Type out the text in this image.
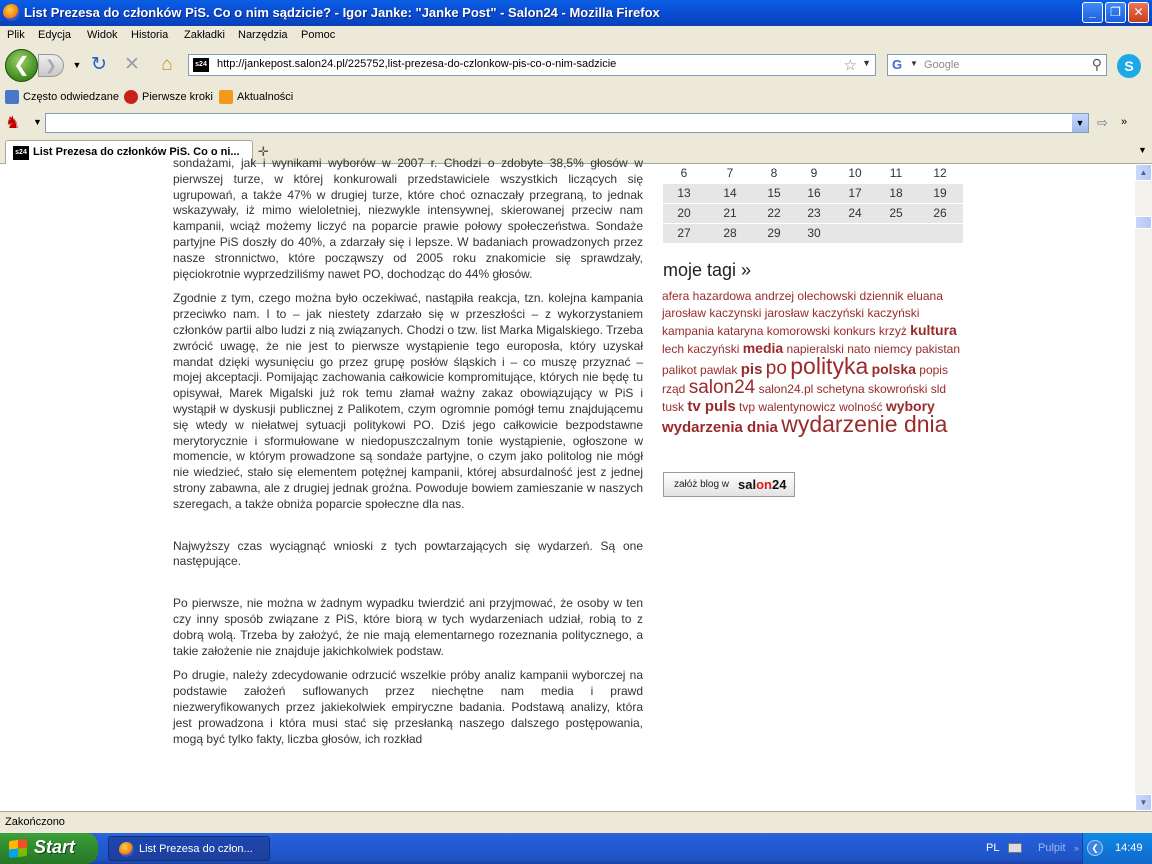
List Prezesa do członków PiS. Co o nim sądzicie? - Igor Janke: "Janke Post" - Salon24 - Mozilla Firefox	_	❐	✕
Plik Edycja Widok Historia Zakładki Narzędzia Pomoc
❮	❯	▼ ↻ ✕ ⌂	s24 http://jankepost.salon24.pl/225752,list-prezesa-do-czlonkow-pis-co-o-nim-sadzicie	☆ ▼ G ▼ Google	⚲	S
Często odwiedzane Pierwsze kroki Aktualności
♞ ▼	▼ ⇨ »
s24 List Prezesa do członków PiS. Co o ni...	✛	▼

sondażami, jak i wynikami wyborów w 2007 r. Chodzi o zdobyte 38,5% głosów w pierwszej turze, w której konkurowali przedstawiciele wszystkich liczących się ugrupowań, a także 47% w drugiej turze, które choć oznaczały przegraną, to jednak wskazywały, iż mimo wieloletniej, niezwykle intensywnej, skierowanej przeciw nam kampanii, wciąż możemy liczyć na poparcie prawie połowy społeczeństwa. Sondaże partyjne PiS doszły do 40%, a zdarzały się i lepsze. W badaniach prowadzonych przez nasze stronnictwo, które począwszy od 2005 roku znakomicie się sprawdzały, pięciokrotnie wyprzedziliśmy nawet PO, dochodząc do 44% głosów.

Zgodnie z tym, czego można było oczekiwać, nastąpiła reakcja, tzn. kolejna kampania przeciwko nam. I to – jak niestety zdarzało się w przeszłości – z wykorzystaniem członków partii albo ludzi z nią związanych. Chodzi o tzw. list Marka Migalskiego. Trzeba zwrócić uwagę, że nie jest to pierwsze wystąpienie tego europosła, który uzyskał mandat dzięki wysunięciu go przez grupę posłów śląskich i – co muszę przyznać – mojej akceptacji. Pomijając zachowania całkowicie kompromitujące, których nie będę tu opisywał, Marek Migalski już rok temu złamał ważny zakaz obowiązujący w PiS i wystąpił w dyskusji publicznej z Palikotem, czym ogromnie pomógł temu znajdującemu się wtedy w niełatwej sytuacji politykowi PO. Dziś jego całkowicie bezpodstawne merytorycznie i sformułowane w niedopuszczalnym tonie wystąpienie, ogłoszone w momencie, w którym prowadzone są sondaże partyjne, o czym jako politolog nie mógł nie wiedzieć, stało się elementem potężnej kampanii, której absurdalność jest z jednej strony zabawna, ale z drugiej jednak groźna. Powoduje bowiem zamieszanie w naszych szeregach, a także obniża poparcie społeczne dla nas.

Najwyższy czas wyciągnąć wnioski z tych powtarzających się wydarzeń. Są one następujące.

Po pierwsze, nie można w żadnym wypadku twierdzić ani przyjmować, że osoby w ten czy inny sposób związane z PiS, które biorą w tych wydarzeniach udział, robią to z dobrą wolą. Trzeba by założyć, że nie mają elementarnego rozeznania politycznego, a takie założenie nie znajduje jakichkolwiek podstaw.

Po drugie, należy zdecydowanie odrzucić wszelkie próby analiz kampanii wyborczej na podstawie założeń suflowanych przez niechętne nam media i prawd niezweryfikowanych przez jakiekolwiek empiryczne badania. Podstawą analizy, która jest prowadzona i która musi stać się przesłanką naszego dalszego postępowania, mogą być tylko fakty, liczba głosów, ich rozkład

6	7	8	9	10	11	12
13	14	15	16	17	18	19
20	21	22	23	24	25	26
27	28	29	30
moje tagi »
afera hazardowa andrzej olechowski dziennik eluana jarosław kaczynski jarosław kaczyński kaczyński kampania kataryna komorowski konkurs krzyż kultura lech kaczyński media napieralski nato niemcy pakistan palikot pawlak pis po polityka polska popis rząd salon24 salon24.pl schetyna skowroński sld tusk tv puls tvp walentynowicz wolność wybory wydarzenia dnia wydarzenie dnia
załóż blog w salon24
▲
▼
Zakończono
Start	List Prezesa do człon...	PL	Pulpit »	❮	14:49
